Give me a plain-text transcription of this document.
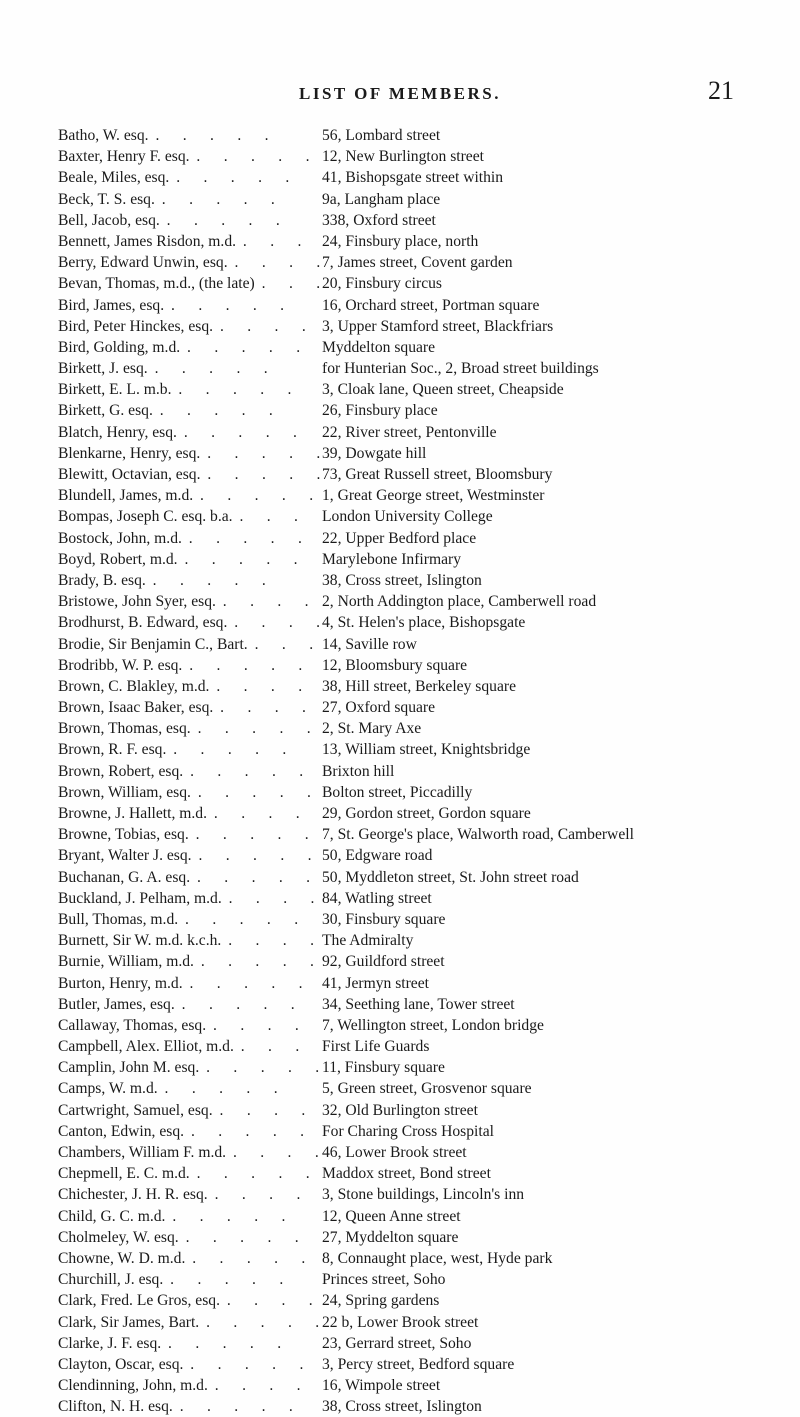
LIST OF MEMBERS.	21
Batho, W. esq. .	56, Lombard street
Baxter, Henry F. esq. .	12, New Burlington street
Beale, Miles, esq. .	41, Bishopsgate street within
Beck, T. S. esq. .	9a, Langham place
Bell, Jacob, esq. .	338, Oxford street
Bennett, James Risdon, m.d. .	24, Finsbury place, north
Berry, Edward Unwin, esq. .	7, James street, Covent garden
Bevan, Thomas, m.d., (the late) .	20, Finsbury circus
Bird, James, esq. .	16, Orchard street, Portman square
Bird, Peter Hinckes, esq. .	3, Upper Stamford street, Blackfriars
Bird, Golding, m.d. .	Myddelton square
Birkett, J. esq. .	for Hunterian Soc., 2, Broad street buildings
Birkett, E. L. m.b. .	3, Cloak lane, Queen street, Cheapside
Birkett, G. esq. .	26, Finsbury place
Blatch, Henry, esq. .	22, River street, Pentonville
Blenkarne, Henry, esq. .	39, Dowgate hill
Blewitt, Octavian, esq. .	73, Great Russell street, Bloomsbury
Blundell, James, m.d. .	1, Great George street, Westminster
Bompas, Joseph C. esq. b.a. .	London University College
Bostock, John, m.d. .	22, Upper Bedford place
Boyd, Robert, m.d. .	Marylebone Infirmary
Brady, B. esq. .	38, Cross street, Islington
Bristowe, John Syer, esq. .	2, North Addington place, Camberwell road
Brodhurst, B. Edward, esq. .	4, St. Helen's place, Bishopsgate
Brodie, Sir Benjamin C., Bart. .	14, Saville row
Brodribb, W. P. esq. .	12, Bloomsbury square
Brown, C. Blakley, m.d. .	38, Hill street, Berkeley square
Brown, Isaac Baker, esq. .	27, Oxford square
Brown, Thomas, esq. .	2, St. Mary Axe
Brown, R. F. esq. .	13, William street, Knightsbridge
Brown, Robert, esq. .	Brixton hill
Brown, William, esq. .	Bolton street, Piccadilly
Browne, J. Hallett, m.d. .	29, Gordon street, Gordon square
Browne, Tobias, esq. .	7, St. George's place, Walworth road, Camberwell
Bryant, Walter J. esq. .	50, Edgware road
Buchanan, G. A. esq. .	50, Myddleton street, St. John street road
Buckland, J. Pelham, m.d. .	84, Watling street
Bull, Thomas, m.d. .	30, Finsbury square
Burnett, Sir W. m.d. k.c.h. .	The Admiralty
Burnie, William, m.d. .	92, Guildford street
Burton, Henry, m.d. .	41, Jermyn street
Butler, James, esq. .	34, Seething lane, Tower street
Callaway, Thomas, esq. .	7, Wellington street, London bridge
Campbell, Alex. Elliot, m.d. .	First Life Guards
Camplin, John M. esq. .	11, Finsbury square
Camps, W. m.d. .	5, Green street, Grosvenor square
Cartwright, Samuel, esq. .	32, Old Burlington street
Canton, Edwin, esq. .	For Charing Cross Hospital
Chambers, William F. m.d. .	46, Lower Brook street
Chepmell, E. C. m.d. .	Maddox street, Bond street
Chichester, J. H. R. esq. .	3, Stone buildings, Lincoln's inn
Child, G. C. m.d. .	12, Queen Anne street
Cholmeley, W. esq. .	27, Myddelton square
Chowne, W. D. m.d. .	8, Connaught place, west, Hyde park
Churchill, J. esq. .	Princes street, Soho
Clark, Fred. Le Gros, esq. .	24, Spring gardens
Clark, Sir James, Bart. .	22 b, Lower Brook street
Clarke, J. F. esq. .	23, Gerrard street, Soho
Clayton, Oscar, esq. .	3, Percy street, Bedford square
Clendinning, John, m.d. .	16, Wimpole street
Clifton, N. H. esq. .	38, Cross street, Islington
